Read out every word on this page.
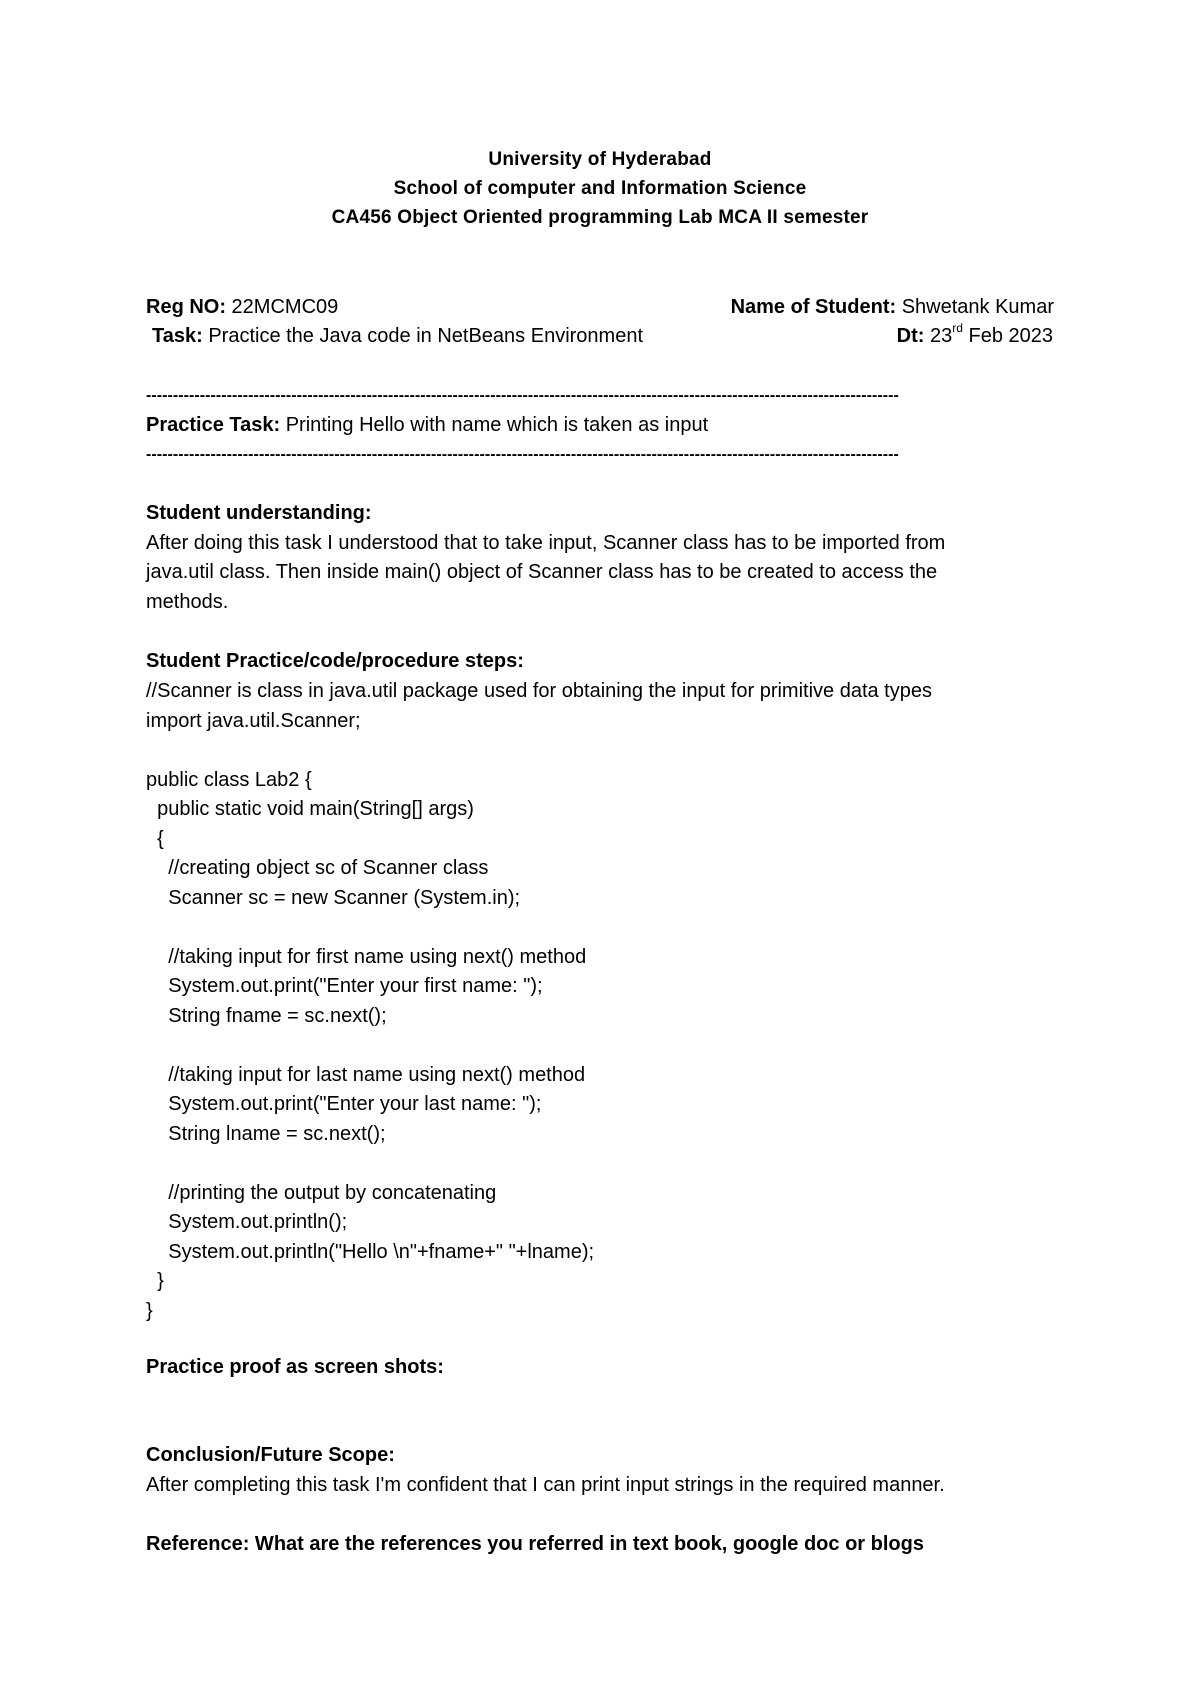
University of Hyderabad
School of computer and Information Science
CA456 Object Oriented programming Lab MCA II semester
Reg NO: 22MCMC09	Name of Student: Shwetank Kumar
Task: Practice the Java code in NetBeans Environment	Dt: 23rd Feb 2023
--------------------------------------------------------------------------------------------------------------------------------------------
Practice Task: Printing Hello with name which is taken as input
--------------------------------------------------------------------------------------------------------------------------------------------
Student understanding:
After doing this task I understood that to take input, Scanner class has to be imported from
java.util class. Then inside main() object of Scanner class has to be created to access the
methods.
Student Practice/code/procedure steps:
//Scanner is class in java.util package used for obtaining the input for primitive data types
import java.util.Scanner;
public class Lab2 {
public static void main(String[] args)
{
//creating object sc of Scanner class
Scanner sc = new Scanner (System.in);
//taking input for first name using next() method
System.out.print("Enter your first name: ");
String fname = sc.next();
//taking input for last name using next() method
System.out.print("Enter your last name: ");
String lname = sc.next();
//printing the output by concatenating
System.out.println();
System.out.println("Hello \n"+fname+" "+lname);
}
}
Practice proof as screen shots:
Conclusion/Future Scope:
After completing this task I'm confident that I can print input strings in the required manner.
Reference: What are the references you referred in text book, google doc or blogs
